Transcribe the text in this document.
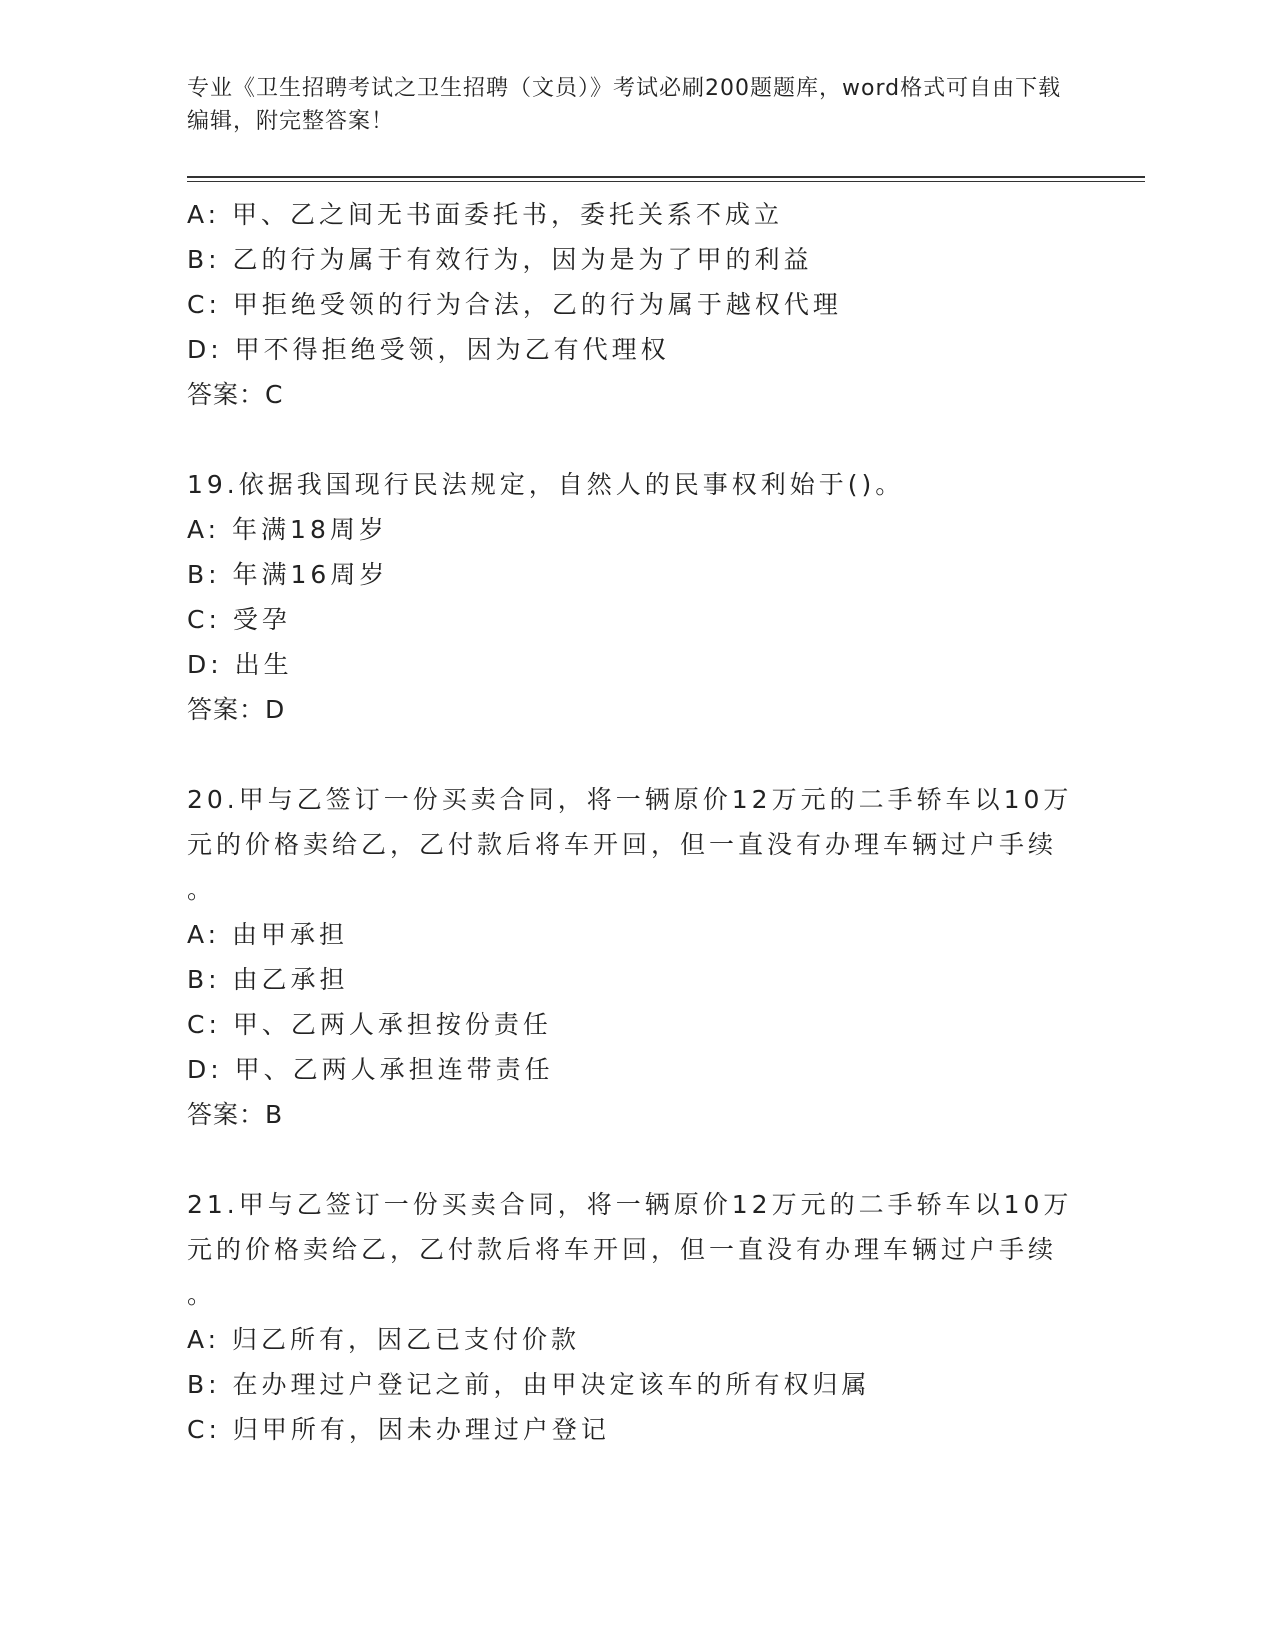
专业《卫生招聘考试之卫生招聘（文员）》考试必刷200题题库，word格式可自由下载编辑，附完整答案！
A: 甲、乙之间无书面委托书，委托关系不成立
B: 乙的行为属于有效行为，因为是为了甲的利益
C: 甲拒绝受领的行为合法，乙的行为属于越权代理
D: 甲不得拒绝受领，因为乙有代理权
答案：C
19.依据我国现行民法规定，自然人的民事权利始于()。
A: 年满18周岁
B: 年满16周岁
C: 受孕
D: 出生
答案：D
20.甲与乙签订一份买卖合同，将一辆原价12万元的二手轿车以10万
元的价格卖给乙，乙付款后将车开回，但一直没有办理车辆过户手续
。
A: 由甲承担
B: 由乙承担
C: 甲、乙两人承担按份责任
D: 甲、乙两人承担连带责任
答案：B
21.甲与乙签订一份买卖合同，将一辆原价12万元的二手轿车以10万
元的价格卖给乙，乙付款后将车开回，但一直没有办理车辆过户手续
。
A: 归乙所有，因乙已支付价款
B: 在办理过户登记之前，由甲决定该车的所有权归属
C: 归甲所有，因未办理过户登记
